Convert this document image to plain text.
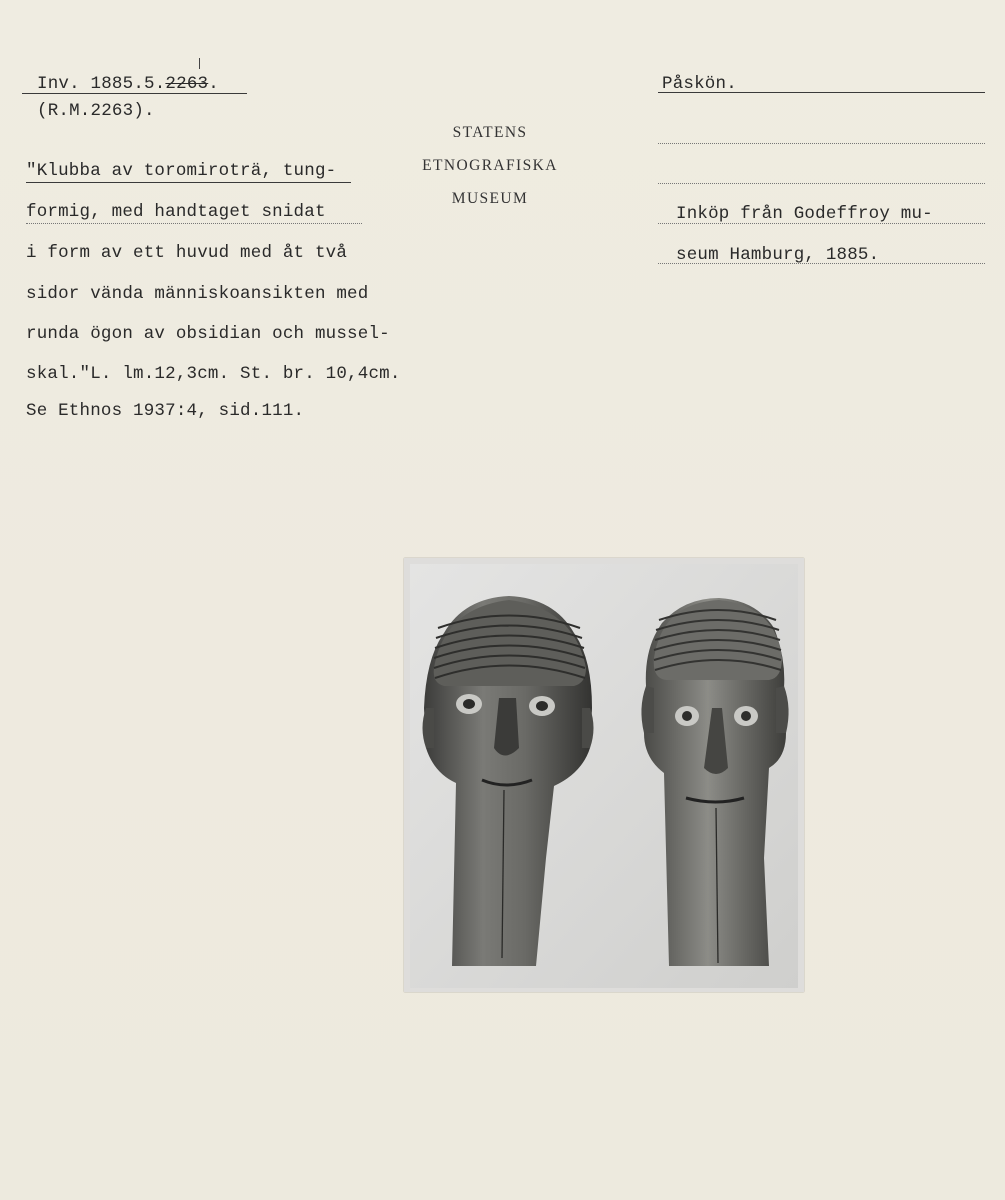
Inv. 1885.5.2263.
(R.M.2263).
Påskön.
STATENS
ETNOGRAFISKA
MUSEUM
"Klubba av toromiroträ, tung-
formig, med handtaget snidat
i form av ett huvud med åt två
sidor vända människoansikten med
runda ögon av obsidian och mussel-
skal."L. lm.12,3cm. St. br. 10,4cm.
Se Ethnos 1937:4, sid.111.
Inköp från Godeffroy mu-
seum Hamburg, 1885.
